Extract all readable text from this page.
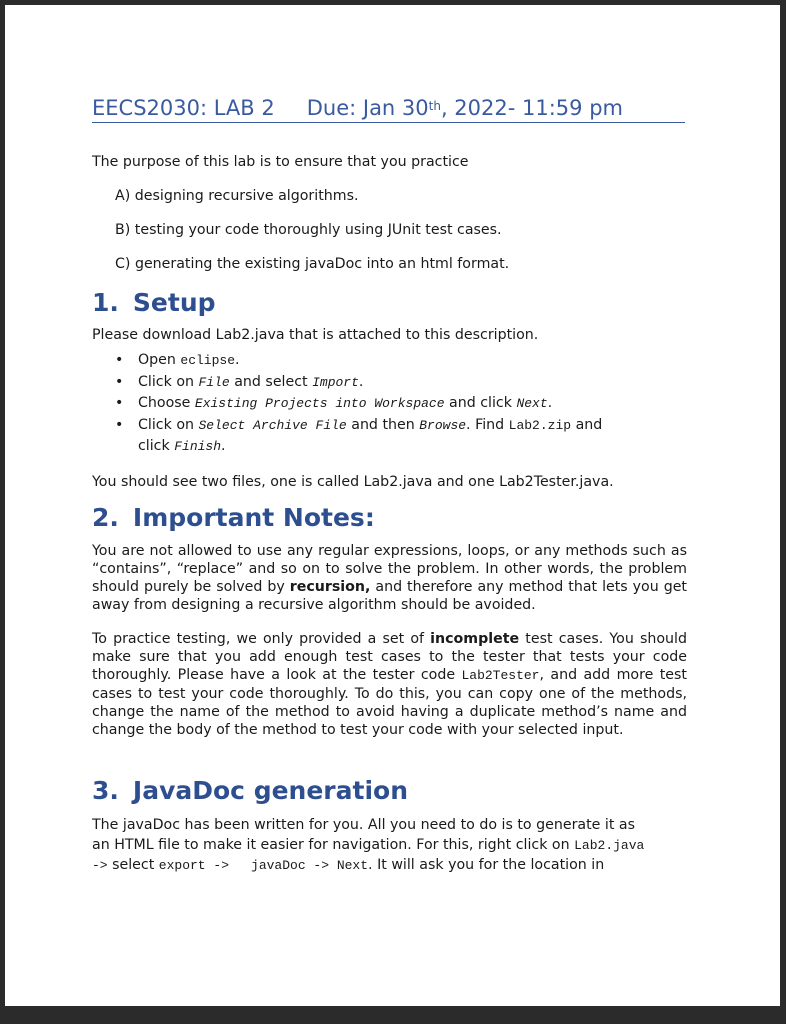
EECS2030: LAB 2 Due: Jan 30th, 2022- 11:59 pm
The purpose of this lab is to ensure that you practice
A) designing recursive algorithms.
B) testing your code thoroughly using JUnit test cases.
C) generating the existing javaDoc into an html format.
1. Setup
Please download Lab2.java that is attached to this description.
• Open eclipse.
• Click on File and select Import.
• Choose Existing Projects into Workspace and click Next.
• Click on Select Archive File and then Browse. Find Lab2.zip and
click Finish.
You should see two files, one is called Lab2.java and one Lab2Tester.java.
2. Important Notes:
You are not allowed to use any regular expressions, loops, or any methods such as “contains”, “replace” and so on to solve the problem. In other words, the problem should purely be solved by recursion, and therefore any method that lets you get away from designing a recursive algorithm should be avoided.
To practice testing, we only provided a set of incomplete test cases. You should make sure that you add enough test cases to the tester that tests your code thoroughly. Please have a look at the tester code Lab2Tester, and add more test cases to test your code thoroughly. To do this, you can copy one of the methods, change the name of the method to avoid having a duplicate method’s name and change the body of the method to test your code with your selected input.
3. JavaDoc generation
The javaDoc has been written for you. All you need to do is to generate it as
an HTML file to make it easier for navigation. For this, right click on Lab2.java
-> select export -> javaDoc -> Next. It will ask you for the location in
